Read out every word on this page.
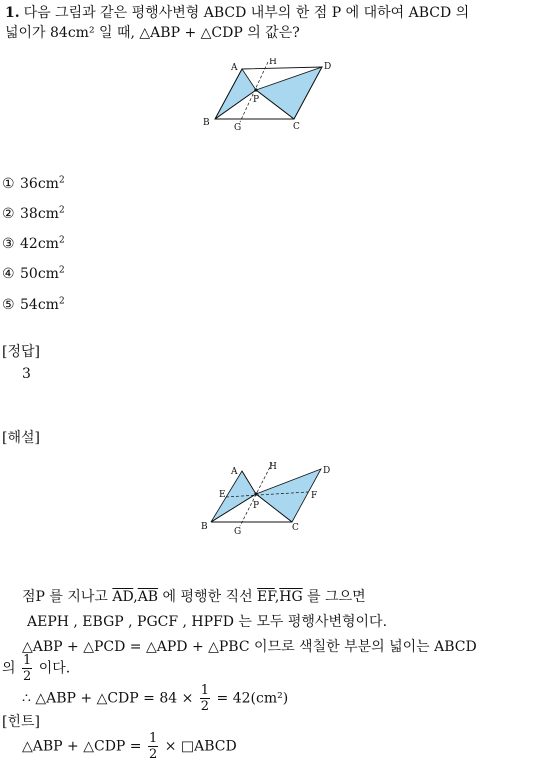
1. 다음 그림과 같은 평행사변형 ABCD 내부의 한 점 P 에 대하여 ABCD 의
넓이가 84cm² 일 때, △ABP + △CDP 의 값은?
A
H	D
P
B	G	C
① $36cm^2$
② $38cm^2$
③ $42cm^2$
④ $50cm^2$
⑤ $54cm^2$
[정답]
3
[해설]
A	H	D
E	F
P
B	G	C
점P 를 지나고 $\overline{AD},\overline{AB}$ 에 평행한 직선 $\overline{EF},\overline{HG}$ 를 그으면
AEPH , EBGP , PGCF , HPFD 는 모두 평행사변형이다.
△ABP + △PCD = △APD + △PBC 이므로 색칠한 부분의 넓이는 ABCD
의 $\frac{1}{2}$ 이다.
∴ △ABP + △CDP = $84 \times \frac{1}{2} = 42(cm^2)$
[힌트]
△ABP + △CDP = $\frac{1}{2}$ × □ABCD
